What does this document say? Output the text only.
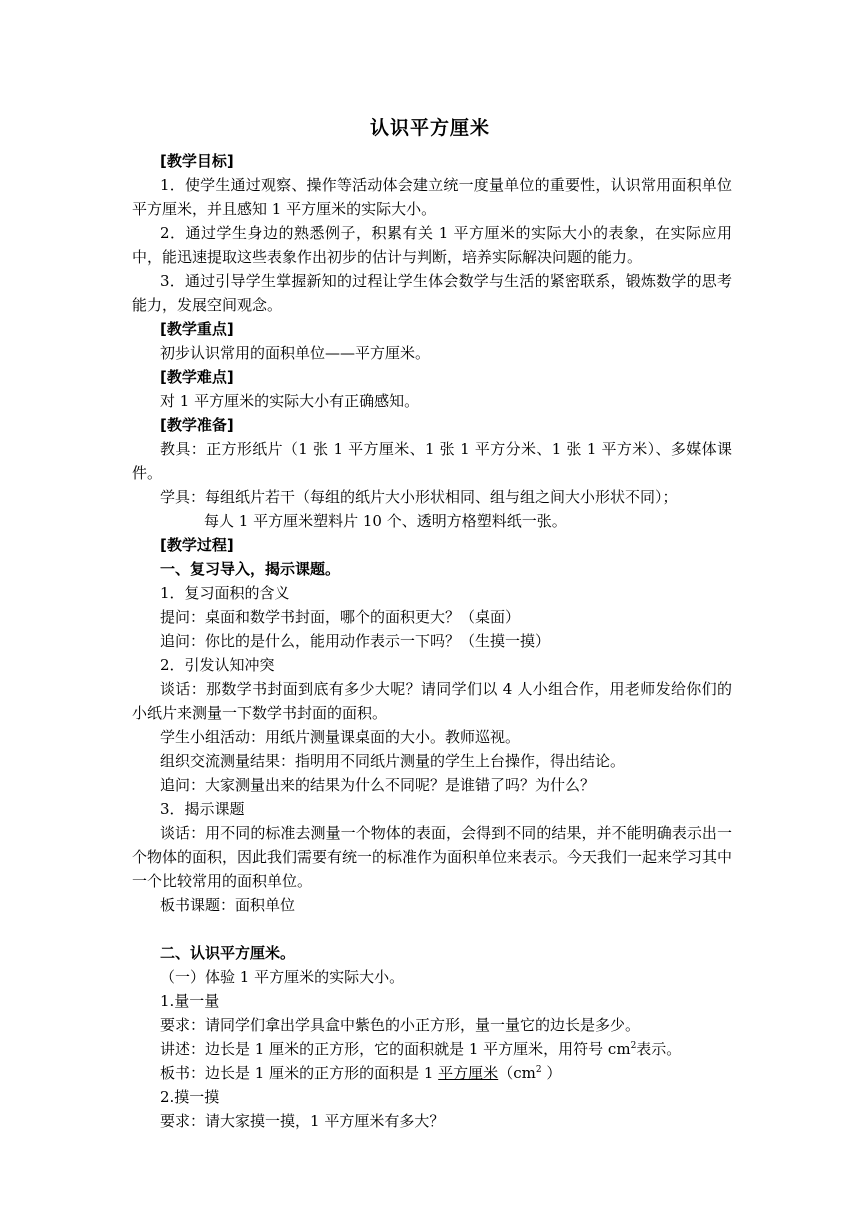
认识平方厘米

[教学目标]

1．使学生通过观察、操作等活动体会建立统一度量单位的重要性，认识常用面积单位平方厘米，并且感知 1 平方厘米的实际大小。

2．通过学生身边的熟悉例子，积累有关 1 平方厘米的实际大小的表象，在实际应用中，能迅速提取这些表象作出初步的估计与判断，培养实际解决问题的能力。

3．通过引导学生掌握新知的过程让学生体会数学与生活的紧密联系，锻炼数学的思考能力，发展空间观念。

[教学重点]

初步认识常用的面积单位——平方厘米。

[教学难点]

对 1 平方厘米的实际大小有正确感知。

[教学准备]

教具：正方形纸片（1 张 1 平方厘米、1 张 1 平方分米、1 张 1 平方米）、多媒体课件。

学具：每组纸片若干（每组的纸片大小形状相同、组与组之间大小形状不同）；

每人 1 平方厘米塑料片 10 个、透明方格塑料纸一张。

[教学过程]

一、复习导入，揭示课题。

1．复习面积的含义

提问：桌面和数学书封面，哪个的面积更大？（桌面）

追问：你比的是什么，能用动作表示一下吗？（生摸一摸）

2．引发认知冲突

谈话：那数学书封面到底有多少大呢？请同学们以 4 人小组合作，用老师发给你们的小纸片来测量一下数学书封面的面积。

学生小组活动：用纸片测量课桌面的大小。教师巡视。

组织交流测量结果：指明用不同纸片测量的学生上台操作，得出结论。

追问：大家测量出来的结果为什么不同呢？是谁错了吗？为什么？

3．揭示课题

谈话：用不同的标准去测量一个物体的表面，会得到不同的结果，并不能明确表示出一个物体的面积，因此我们需要有统一的标准作为面积单位来表示。今天我们一起来学习其中一个比较常用的面积单位。

板书课题：面积单位

二、认识平方厘米。

（一）体验 1 平方厘米的实际大小。

1.量一量

要求：请同学们拿出学具盒中紫色的小正方形，量一量它的边长是多少。

讲述：边长是 1 厘米的正方形，它的面积就是 1 平方厘米，用符号 $cm^2$表示。

板书：边长是 1 厘米的正方形的面积是 1 平方厘米（$cm^2$ ）

2.摸一摸

要求：请大家摸一摸，1 平方厘米有多大？
